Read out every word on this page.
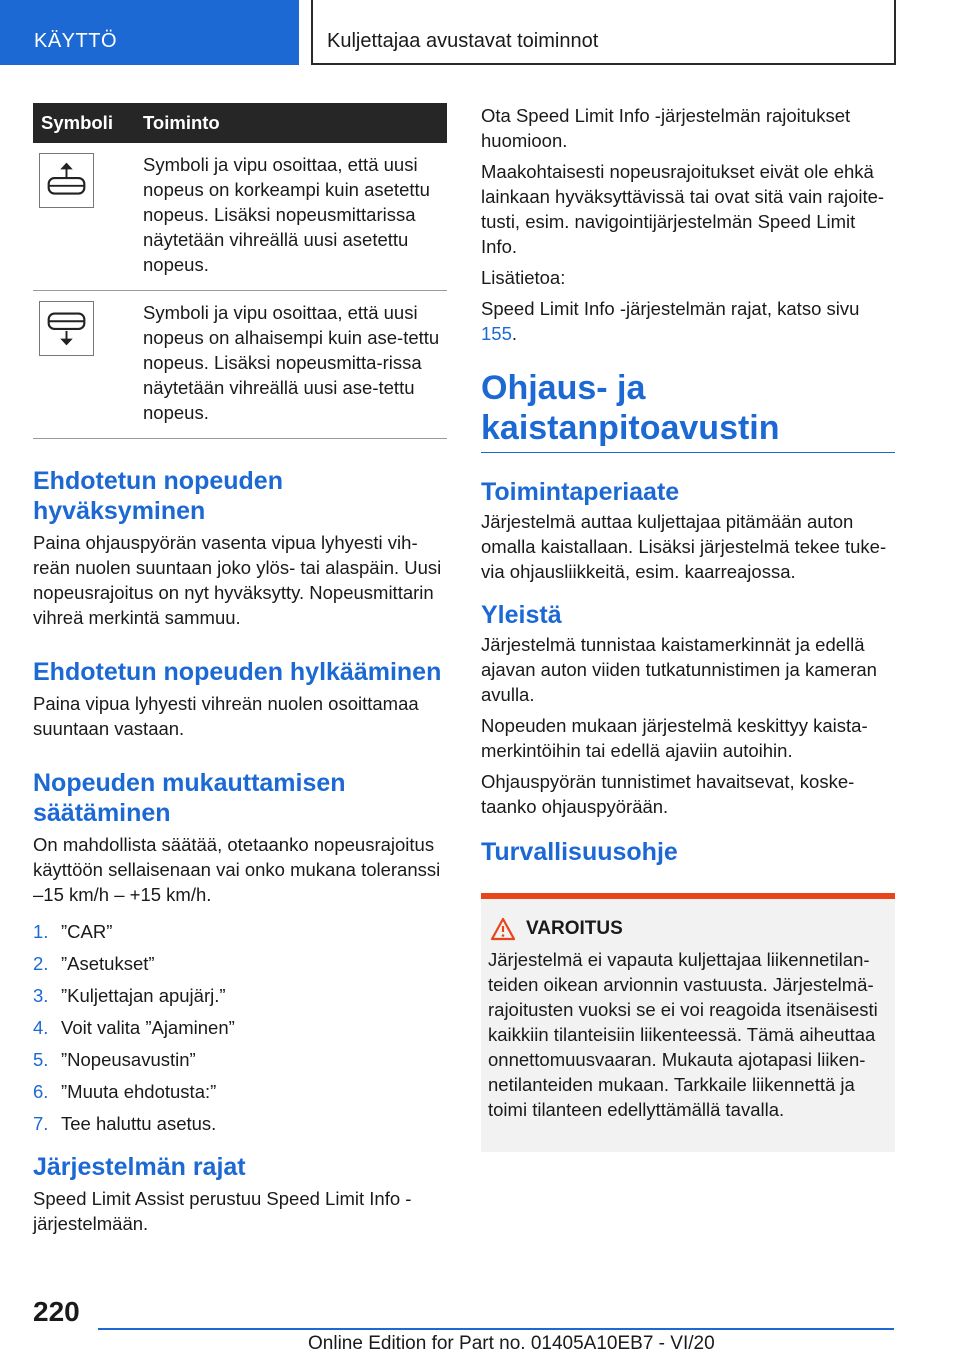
KÄYTTÖ	Kuljettajaa avustavat toiminnot
Symboli	Toiminto

Symboli ja vipu osoittaa, että uusi nopeus on korkeampi kuin asetettu nopeus. Lisäksi nopeusmittarissa näytetään vihreällä uusi asetettu nopeus.

Symboli ja vipu osoittaa, että uusi nopeus on alhaisempi kuin ase-tettu nopeus. Lisäksi nopeusmitta-rissa näytetään vihreällä uusi ase-tettu nopeus.

Ehdotetun nopeuden hyväksyminen

Paina ohjauspyörän vasenta vipua lyhyesti vih-reän nuolen suuntaan joko ylös- tai alaspäin. Uusi nopeusrajoitus on nyt hyväksytty. Nopeusmittarin vihreä merkintä sammuu.

Ehdotetun nopeuden hylkääminen

Paina vipua lyhyesti vihreän nuolen osoittamaa suuntaan vastaan.

Nopeuden mukauttamisen säätäminen

On mahdollista säätää, otetaanko nopeusrajoitus käyttöön sellaisenaan vai onko mukana toleranssi –15 km/h – +15 km/h.

1. ”CAR”
2. ”Asetukset”
3. ”Kuljettajan apujärj.”
4. Voit valita ”Ajaminen”
5. ”Nopeusavustin”
6. ”Muuta ehdotusta:”
7. Tee haluttu asetus.
Järjestelmän rajat

Speed Limit Assist perustuu Speed Limit Info -järjestelmään.

Ota Speed Limit Info -järjestelmän rajoitukset huomioon.

Maakohtaisesti nopeusrajoitukset eivät ole ehkä lainkaan hyväksyttävissä tai ovat sitä vain rajoite-tusti, esim. navigointijärjestelmän Speed Limit Info.

Lisätietoa:

Speed Limit Info -järjestelmän rajat, katso sivu 155.

Ohjaus- ja kaistanpitoavustin
Toimintaperiaate

Järjestelmä auttaa kuljettajaa pitämään auton omalla kaistallaan. Lisäksi järjestelmä tekee tuke-via ohjausliikkeitä, esim. kaarreajossa.

Yleistä

Järjestelmä tunnistaa kaistamerkinnät ja edellä ajavan auton viiden tutkatunnistimen ja kameran avulla.

Nopeuden mukaan järjestelmä keskittyy kaista-merkintöihin tai edellä ajaviin autoihin.

Ohjauspyörän tunnistimet havaitsevat, koske-taanko ohjauspyörään.

Turvallisuusohje
VAROITUS

Järjestelmä ei vapauta kuljettajaa liikennetilan-teiden oikean arvionnin vastuusta. Järjestelmä-rajoitusten vuoksi se ei voi reagoida itsenäisesti kaikkiin tilanteisiin liikenteessä. Tämä aiheuttaa onnettomuusvaaran. Mukauta ajotapasi liiken-netilanteiden mukaan. Tarkkaile liikennettä ja toimi tilanteen edellyttämällä tavalla.

220
Online Edition for Part no. 01405A10EB7 - VI/20
